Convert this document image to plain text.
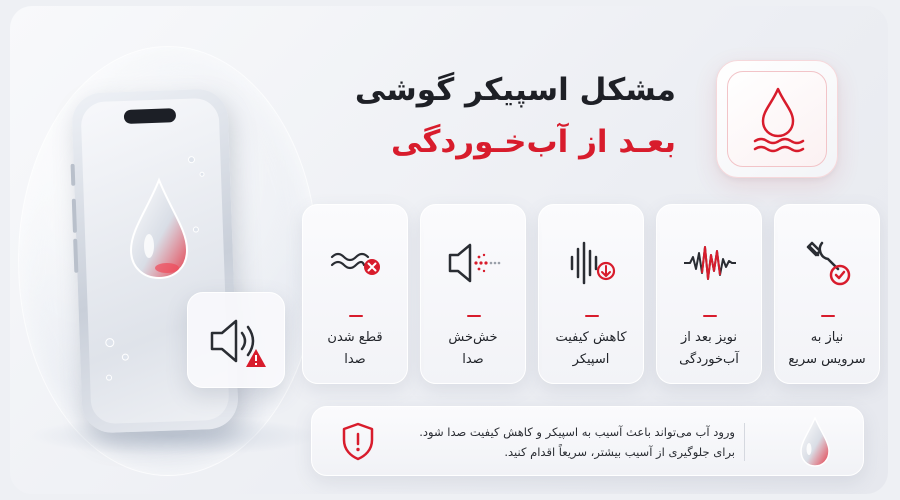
مشکل اسپیکر گوشی
بعـد از آب‌خـوردگی
نیاز به
سرویس سریع
نویز بعد از
آب‌خوردگی
کاهش کیفیت
اسپیکر
خش‌خش
صدا
قطع شدن
صدا
ورود آب می‌تواند باعث آسیب به اسپیکر و کاهش کیفیت صدا شود.
برای جلوگیری از آسیب بیشتر، سریعاً اقدام کنید.
